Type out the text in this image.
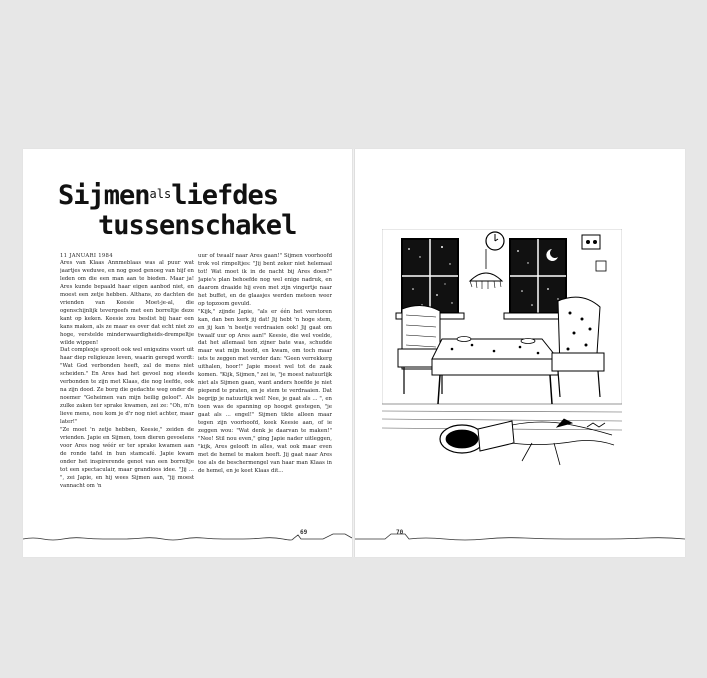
Sijmen$^{als}$liefdes
tussenschakel
11 JANUARI 1984

Ares van Klaas Annmeblaas was al puur wat jaartjes weduwe, en nog goed genoeg van hijf en leden om die een man aan te bieden. Maar ja! Ares kunde bepaald haar eigen aanbod niet, en moest een zetje hebben. Althans, zo dachten de vrienden van Keesie Moet-je-al, die ogenschijnlijk tevergeefs met een borreltje deze kant op keken. Keesie zou beslist bij haar een kans maken, als ze maar es over dat echt niet zo hoge, verstelde minderwaardigheids-drempeltje wilde wippen!

Dat complexje sprooit ook wel enigszins voort uit haar diep religieuze leven, waarin geregd wordt: "Wat God verbonden heeft, zal de mens niet scheiden." En Ares had het gevoel nog steeds verbonden te zijn met Klaas, die nog leefde, ook na zijn dood. Ze borg die gedachte weg onder de noemer "Geheimen van mijn heilig geloof". Als zulke zaken ter sprake kwamen, zei ze: "Oh, m'n lieve mens, nou kom je d'r nog niet achter, maar later!"

"Ze moet 'n zetje hebben, Keesie," zeiden de vrienden. Japie en Sijmen, toen dieren gevoelens voor Ares nog wéér er ter sprake kwamen aan de ronde tafel in hun stamcafé. Japie kwam onder het inspirerende genot van een borreltje tot een spectaculair, maar grandioos idee. "Jij ... ", zei Japie, en hij wees Sijmen aan, "jij moest vannacht om 'n

uur of twaalf naar Ares gaan!" Sijmen voorhoofd trok vol rimpeltjes: "Jij bent zeker niet helemaal tot! Wat moet ik in de nacht bij Ares doen?" Japie's plan behoefde nog wel enige nadruk, en daarom draaide hij even met zijn vingertje naar het buffet, en de glaasjes werden meteen weer op topzoom gevuld.

"Kijk," zijnde Japie, "als er één het verstoren kan, dan ben kerk jij dat! Jij hebt 'n hoge stem, en jij kan 'n beetje verdraaien ook! Jij gaat om twaalf uur op Ares aan!" Keesie, die wel voelde, dat het allemaal ten zijner bate was, schudde maar wat mijn hoofd, en kwam, om toch maar iets te zeggen met verder dan: "Geen verrekkerg uithalen, hoor!" Japie moest wel tot de zaak komen. "Kijk, Sijmen," zei ie, "je moest natuurlijk niet als Sijmen gaan, want anders hoefde je niet piepend te praten, en je stem te verdraaien. Dat begrijp je natuurlijk wel! Nee, je gaat als ... ", en toen was de spanning op hoogst gestegen, "je gaat als ... engel!" Sijmen tikte alleen maar tegen zijn voorhoofd, keek Keesie aan, of ie zeggen wou: "Wat denk je daarvan te maken!" "Nee! Stil nou even," ging Japie nader uitleggen, "kijk, Ares gelooft in alles, wat ook maar even met de hemel te maken heeft. Jij gaat naar Ares toe als de beschermengel van haar man Klaas in de hemel, en je keet Klaas dit...

69	70
